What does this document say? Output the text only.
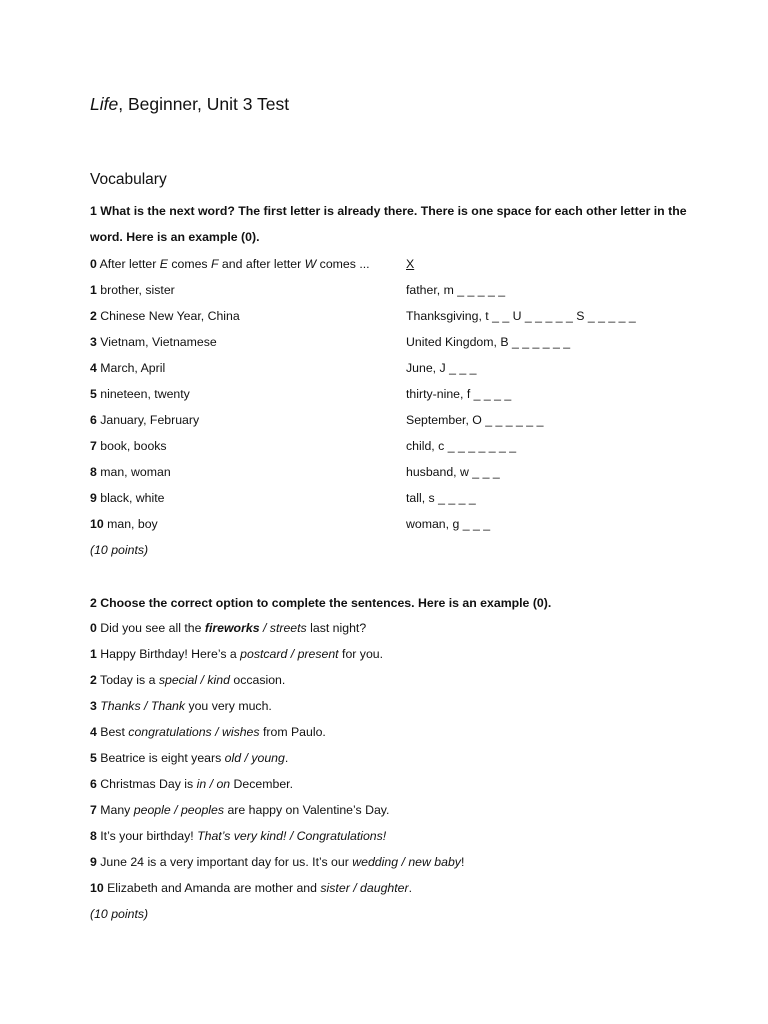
Life, Beginner, Unit 3 Test
Vocabulary

1 What is the next word? The first letter is already there. There is one space for each other letter in the word. Here is an example (0).

0 After letter E comes F and after letter W comes ...	X
1 brother, sister	father, m _ _ _ _ _
2 Chinese New Year, China	Thanksgiving, t _ _ U _ _ _ _ _ S _ _ _ _ _
3 Vietnam, Vietnamese	United Kingdom, B _ _ _ _ _ _
4 March, April	June, J _ _ _
5 nineteen, twenty	thirty-nine, f _ _ _ _
6 January, February	September, O _ _ _ _ _ _
7 book, books	child, c _ _ _ _ _ _ _
8 man, woman	husband, w _ _ _
9 black, white	tall, s _ _ _ _
10 man, boy	woman, g _ _ _
(10 points)

2 Choose the correct option to complete the sentences. Here is an example (0).

0 Did you see all the fireworks / streets last night?
1 Happy Birthday! Here’s a postcard / present for you.
2 Today is a special / kind occasion.
3 Thanks / Thank you very much.
4 Best congratulations / wishes from Paulo.
5 Beatrice is eight years old / young.
6 Christmas Day is in / on December.
7 Many people / peoples are happy on Valentine’s Day.
8 It’s your birthday! That’s very kind! / Congratulations!
9 June 24 is a very important day for us. It’s our wedding / new baby!
10 Elizabeth and Amanda are mother and sister / daughter.
(10 points)
